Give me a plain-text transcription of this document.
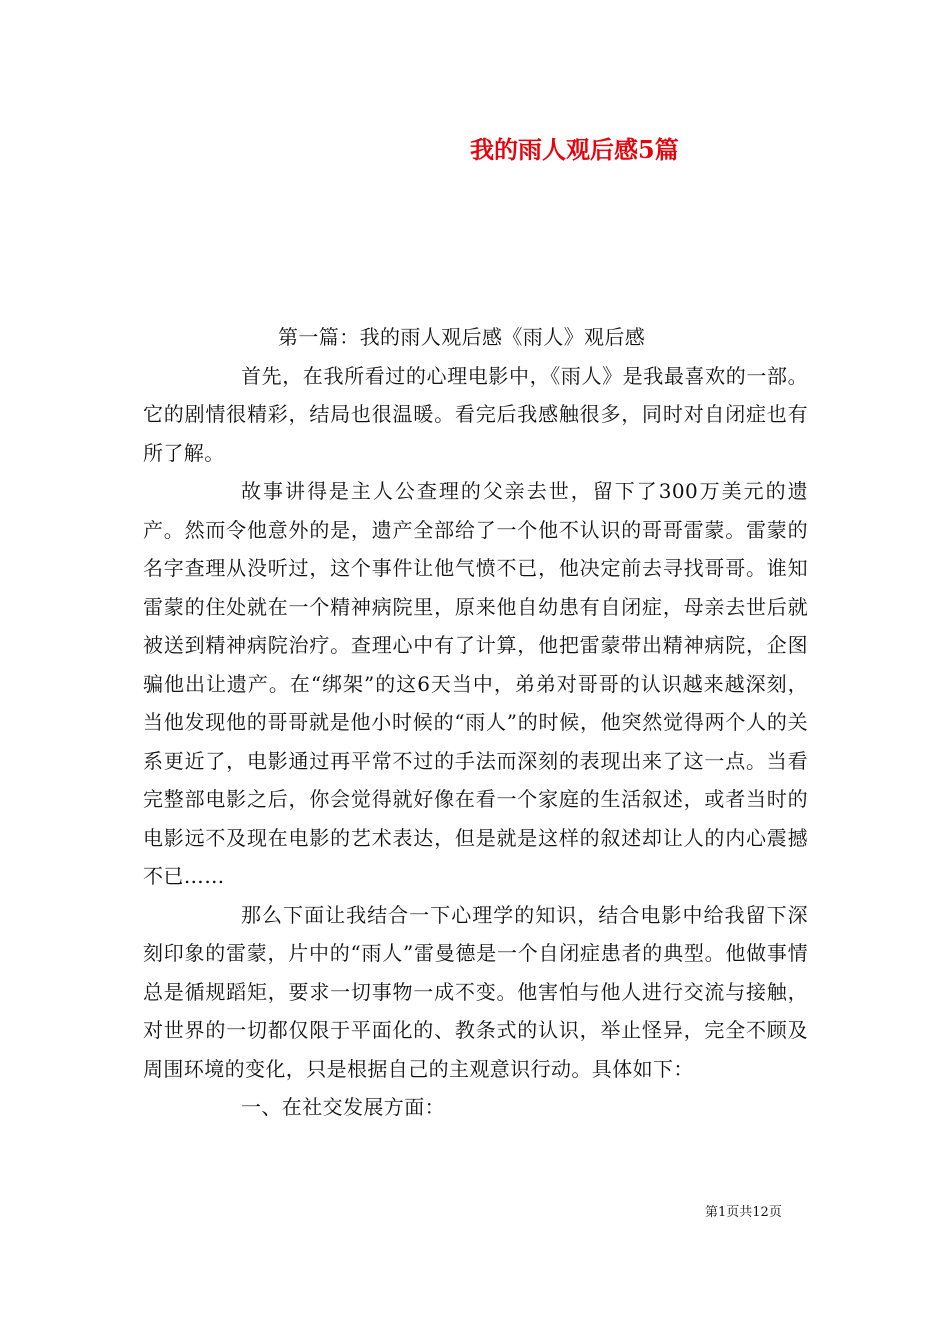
我的雨人观后感5篇

第一篇：我的雨人观后感《雨人》观后感

首先，在我所看过的心理电影中，《雨人》是我最喜欢的一部。它的剧情很精彩，结局也很温暖。看完后我感触很多，同时对自闭症也有所了解。

故事讲得是主人公查理的父亲去世，留下了300万美元的遗产。然而令他意外的是，遗产全部给了一个他不认识的哥哥雷蒙。雷蒙的名字查理从没听过，这个事件让他气愤不已，他决定前去寻找哥哥。谁知雷蒙的住处就在一个精神病院里，原来他自幼患有自闭症，母亲去世后就被送到精神病院治疗。查理心中有了计算，他把雷蒙带出精神病院，企图骗他出让遗产。在“绑架”的这6天当中，弟弟对哥哥的认识越来越深刻，当他发现他的哥哥就是他小时候的“雨人”的时候，他突然觉得两个人的关系更近了，电影通过再平常不过的手法而深刻的表现出来了这一点。当看完整部电影之后，你会觉得就好像在看一个家庭的生活叙述，或者当时的电影远不及现在电影的艺术表达，但是就是这样的叙述却让人的内心震撼不已……

那么下面让我结合一下心理学的知识，结合电影中给我留下深刻印象的雷蒙，片中的“雨人”雷曼德是一个自闭症患者的典型。他做事情总是循规蹈矩，要求一切事物一成不变。他害怕与他人进行交流与接触，对世界的一切都仅限于平面化的、教条式的认识，举止怪异，完全不顾及周围环境的变化，只是根据自己的主观意识行动。具体如下：

一、在社交发展方面：

第1页共12页
